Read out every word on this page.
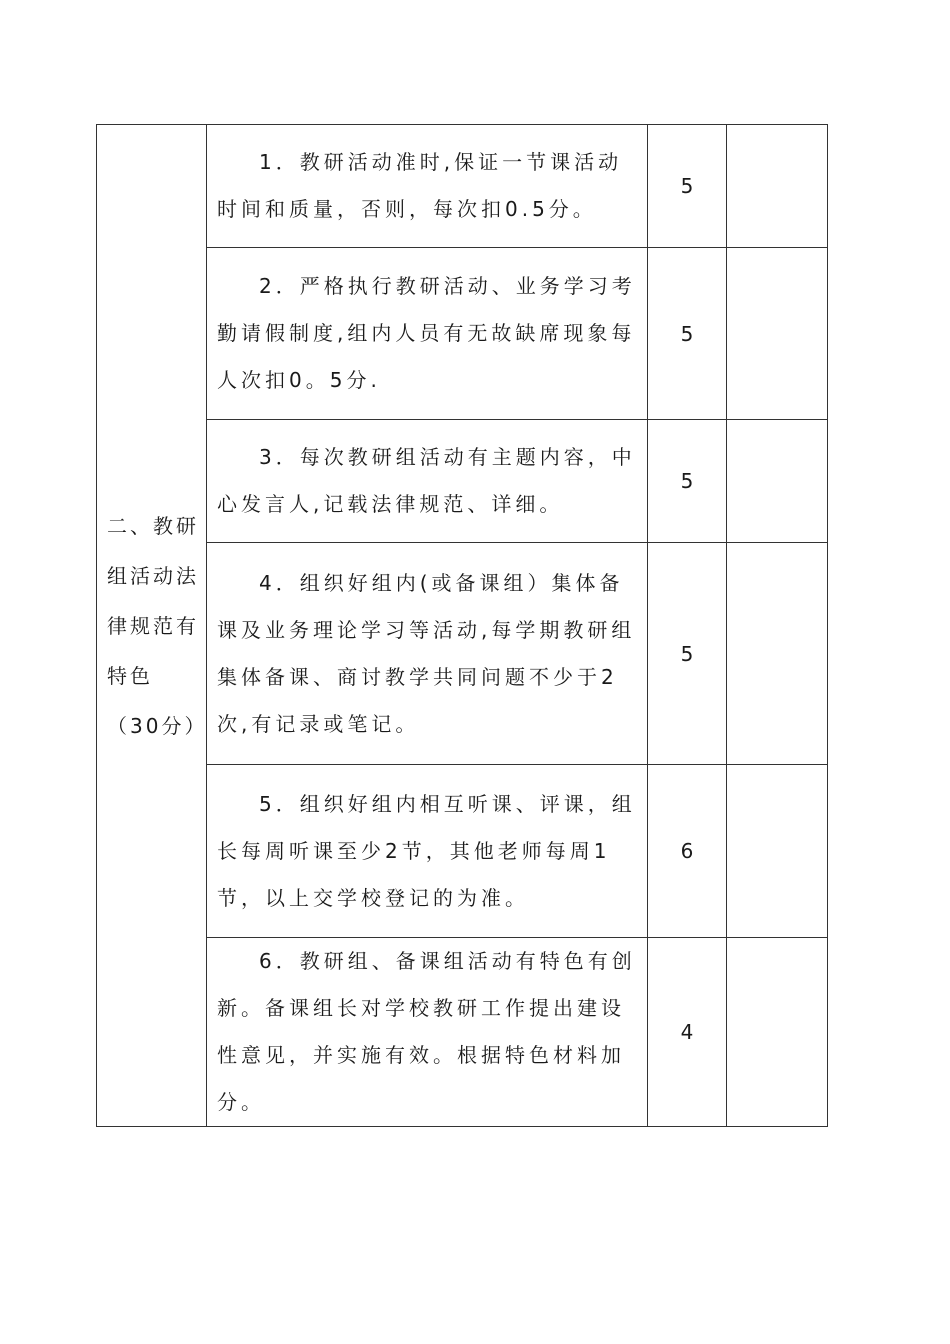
二、教研组活动法律规范有特色（30分）	1．教研活动准时,保证一节课活动时间和质量，否则，每次扣0.5分。	5	

	2．严格执行教研活动、业务学习考勤请假制度,组内人员有无故缺席现象每人次扣0。5分.	5	

	3．每次教研组活动有主题内容，中心发言人,记载法律规范、详细。	5	

	4．组织好组内(或备课组）集体备课及业务理论学习等活动,每学期教研组集体备课、商讨教学共同问题不少于2次,有记录或笔记。	5	

	5．组织好组内相互听课、评课，组长每周听课至少2节，其他老师每周1节，以上交学校登记的为准。	6	

	6．教研组、备课组活动有特色有创新。备课组长对学校教研工作提出建设性意见，并实施有效。根据特色材料加分。	4	
